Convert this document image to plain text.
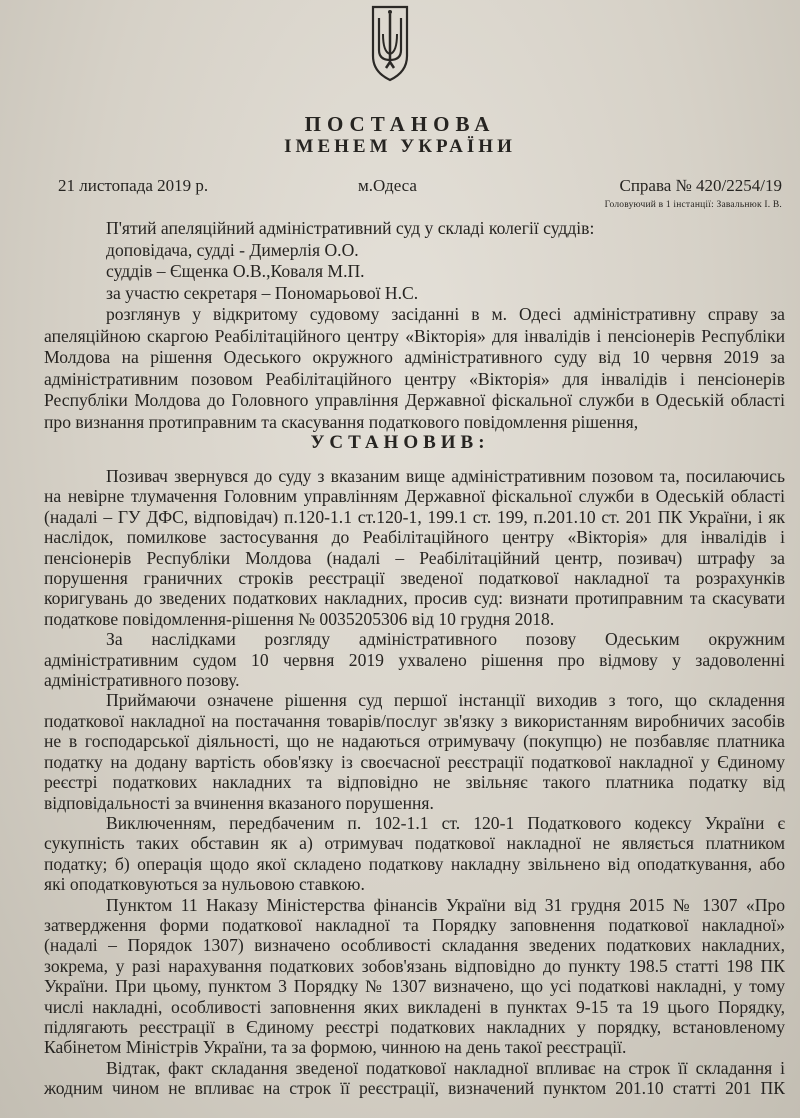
ПОСТАНОВА
ІМЕНЕМ УКРАЇНИ
21 листопада 2019 р.	м.Одеса	Справа № 420/2254/19
Головуючий в 1 інстанції: Завальнюк І. В.
П'ятий апеляційний адміністративний суд у складі колегії суддів:
доповідача, судді - Димерлія О.О.
суддів – Єщенка О.В.,Коваля М.П.
за участю секретаря – Пономарьової Н.С.
розглянув у відкритому судовому засіданні в м. Одесі адміністративну справу за
апеляційною скаргою Реабілітаційного центру «Вікторія» для інвалідів і пенсіонерів Республіки
Молдова на рішення Одеського окружного адміністративного суду від 10 червня 2019 за
адміністративним позовом Реабілітаційного центру «Вікторія» для інвалідів і пенсіонерів
Республіки Молдова до Головного управління Державної фіскальної служби в Одеській області
про визнання протиправним та скасування податкового повідомлення рішення,
УСТАНОВИВ:
Позивач звернувся до суду з вказаним вище адміністративним позовом та, посилаючись
на невірне тлумачення Головним управлінням Державної фіскальної служби в Одеській області
(надалі – ГУ ДФС, відповідач) п.120-1.1 ст.120-1, 199.1 ст. 199, п.201.10 ст. 201 ПК України, і як
наслідок, помилкове застосування до Реабілітаційного центру «Вікторія» для інвалідів і
пенсіонерів Республіки Молдова (надалі – Реабілітаційний центр, позивач) штрафу за
порушення граничних строків реєстрації зведеної податкової накладної та розрахунків
коригувань до зведених податкових накладних, просив суд: визнати протиправним та скасувати
податкове повідомлення-рішення № 0035205306 від 10 грудня 2018.
За наслідками розгляду адміністративного позову Одеським окружним
адміністративним судом 10 червня 2019 ухвалено рішення про відмову у задоволенні
адміністративного позову.
Приймаючи означене рішення суд першої інстанції виходив з того, що складення
податкової накладної на постачання товарів/послуг зв'язку з використанням виробничих засобів
не в господарської діяльності, що не надаються отримувачу (покупцю) не позбавляє платника
податку на додану вартість обов'язку із своєчасної реєстрації податкової накладної у Єдиному
реєстрі податкових накладних та відповідно не звільняє такого платника податку від
відповідальності за вчинення вказаного порушення.
Виключенням, передбаченим п. 102-1.1 ст. 120-1 Податкового кодексу України є
сукупність таких обставин як а) отримувач податкової накладної не являється платником
податку; б) операція щодо якої складено податкову накладну звільнено від оподаткування, або
які оподатковуються за нульовою ставкою.
Пунктом 11 Наказу Міністерства фінансів України від 31 грудня 2015 № 1307 «Про
затвердження форми податкової накладної та Порядку заповнення податкової накладної»
(надалі – Порядок 1307) визначено особливості складання зведених податкових накладних,
зокрема, у разі нарахування податкових зобов'язань відповідно до пункту 198.5 статті 198 ПК
України. При цьому, пунктом 3 Порядку № 1307 визначено, що усі податкові накладні, у тому
числі накладні, особливості заповнення яких викладені в пунктах 9-15 та 19 цього Порядку,
підлягають реєстрації в Єдиному реєстрі податкових накладних у порядку, встановленому
Кабінетом Міністрів України, та за формою, чинною на день такої реєстрації.
Відтак, факт складання зведеної податкової накладної впливає на строк її складання і
жодним чином не впливає на строк її реєстрації, визначений пунктом 201.10 статті 201 ПК
